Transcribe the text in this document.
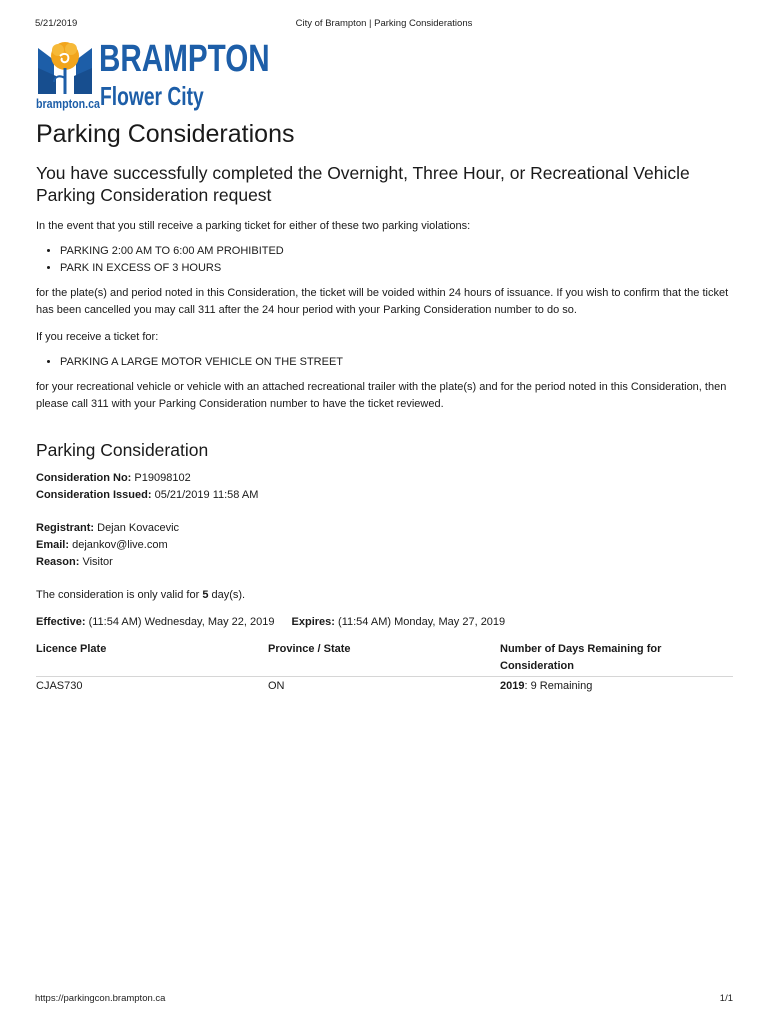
5/21/2019	City of Brampton | Parking Considerations
BRAMPTON
Flower City
brampton.ca
Parking Considerations
You have successfully completed the Overnight, Three Hour, or Recreational Vehicle Parking Consideration request

In the event that you still receive a parking ticket for either of these two parking violations:

• PARKING 2:00 AM TO 6:00 AM PROHIBITED
• PARK IN EXCESS OF 3 HOURS

for the plate(s) and period noted in this Consideration, the ticket will be voided within 24 hours of issuance. If you wish to confirm that the ticket has been cancelled you may call 311 after the 24 hour period with your Parking Consideration number to do so.

If you receive a ticket for:

• PARKING A LARGE MOTOR VEHICLE ON THE STREET

for your recreational vehicle or vehicle with an attached recreational trailer with the plate(s) and for the period noted in this Consideration, then please call 311 with your Parking Consideration number to have the ticket reviewed.

Parking Consideration
Consideration No: P19098102
Consideration Issued: 05/21/2019 11:58 AM
Registrant: Dejan Kovacevic
Email: dejankov@live.com
Reason: Visitor
The consideration is only valid for 5 day(s).
Effective: (11:54 AM) Wednesday, May 22, 2019 Expires: (11:54 AM) Monday, May 27, 2019
Licence Plate	Province / State	Number of Days Remaining for Consideration
CJAS730	ON	2019: 9 Remaining
https://parkingcon.brampton.ca	1/1
